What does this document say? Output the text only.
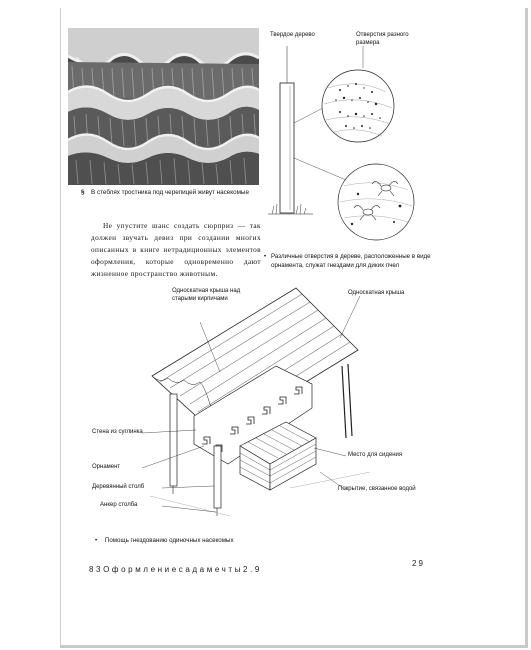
§ В стеблях тростника под черепицей живут насекомые
Не упустите шанс создать сюрприз — так должен звучать девиз при создании многих описанных в книге нетрадиционных элементов оформления, которые одновременно дают жизненное пространство животным.
Твердое дерево	Отверстия разного размера
• Различные отверстия в дереве, расположенные в виде орнамента, служат гнездами для диких пчел
Односкатная крыша над старыми кирпичами
Односкатная крыша
Стена из суглинка
Орнамент
Деревянный столб
Анкер столба
Место для сидения
Покрытие, связанное водой
• Помощь гнездованию одиночных насекомых
83Оформлениесадамечты2.9
29
